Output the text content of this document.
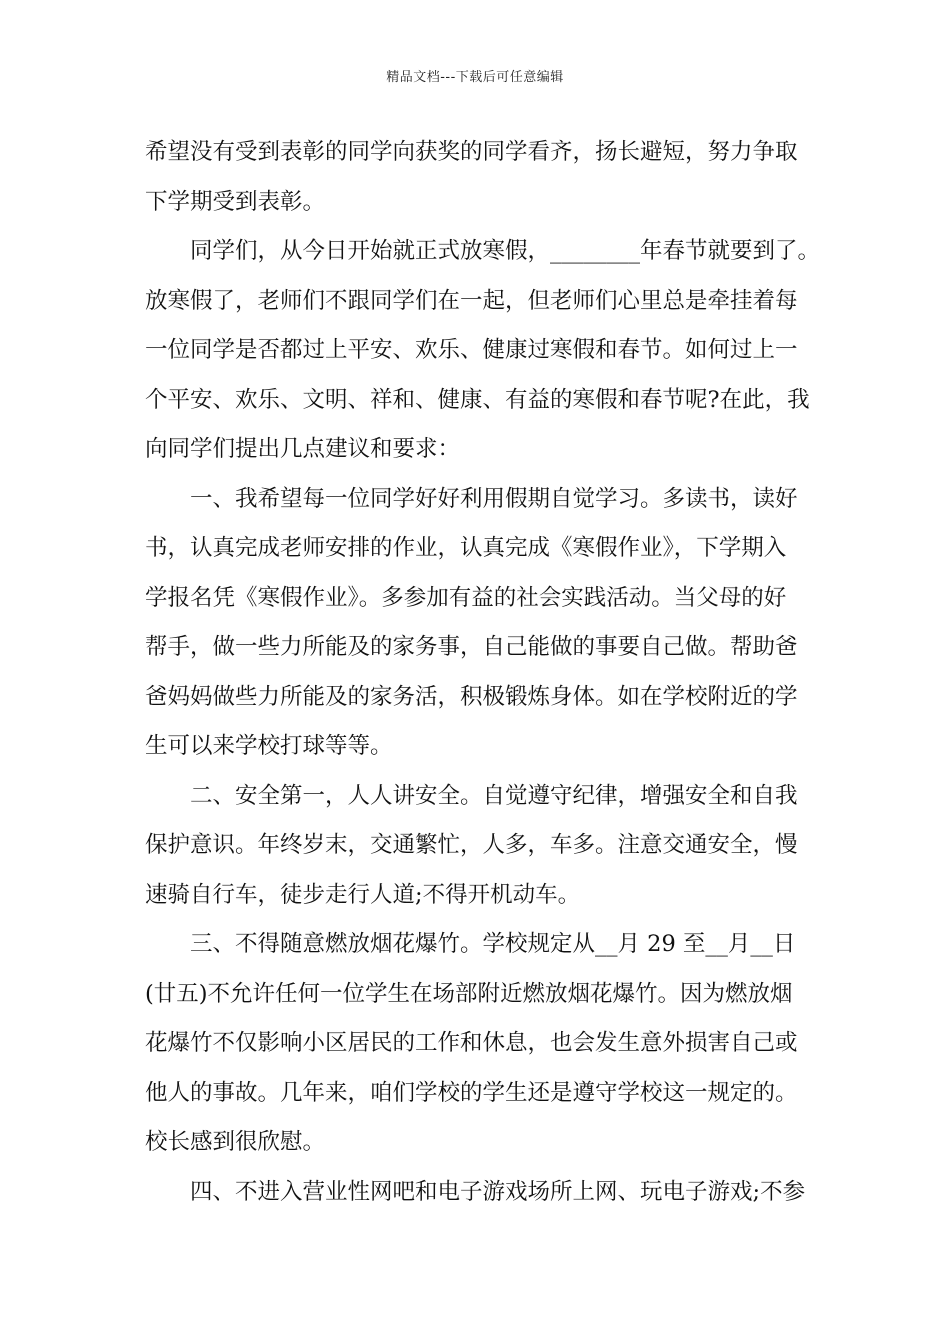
精品文档---下载后可任意编辑
希望没有受到表彰的同学向获奖的同学看齐，扬长避短，努力争取
下学期受到表彰。
同学们，从今日开始就正式放寒假，________年春节就要到了。
放寒假了，老师们不跟同学们在一起，但老师们心里总是牵挂着每
一位同学是否都过上平安、欢乐、健康过寒假和春节。如何过上一
个平安、欢乐、文明、祥和、健康、有益的寒假和春节呢?在此，我
向同学们提出几点建议和要求：
一、我希望每一位同学好好利用假期自觉学习。多读书，读好
书，认真完成老师安排的作业，认真完成《寒假作业》，下学期入
学报名凭《寒假作业》。多参加有益的社会实践活动。当父母的好
帮手，做一些力所能及的家务事，自己能做的事要自己做。帮助爸
爸妈妈做些力所能及的家务活，积极锻炼身体。如在学校附近的学
生可以来学校打球等等。
二、安全第一，人人讲安全。自觉遵守纪律，增强安全和自我
保护意识。年终岁末，交通繁忙，人多，车多。注意交通安全，慢
速骑自行车，徒步走行人道;不得开机动车。
三、不得随意燃放烟花爆竹。学校规定从__月 29 至__月__日
(廿五)不允许任何一位学生在场部附近燃放烟花爆竹。因为燃放烟
花爆竹不仅影响小区居民的工作和休息，也会发生意外损害自己或
他人的事故。几年来，咱们学校的学生还是遵守学校这一规定的。
校长感到很欣慰。
四、不进入营业性网吧和电子游戏场所上网、玩电子游戏;不参
